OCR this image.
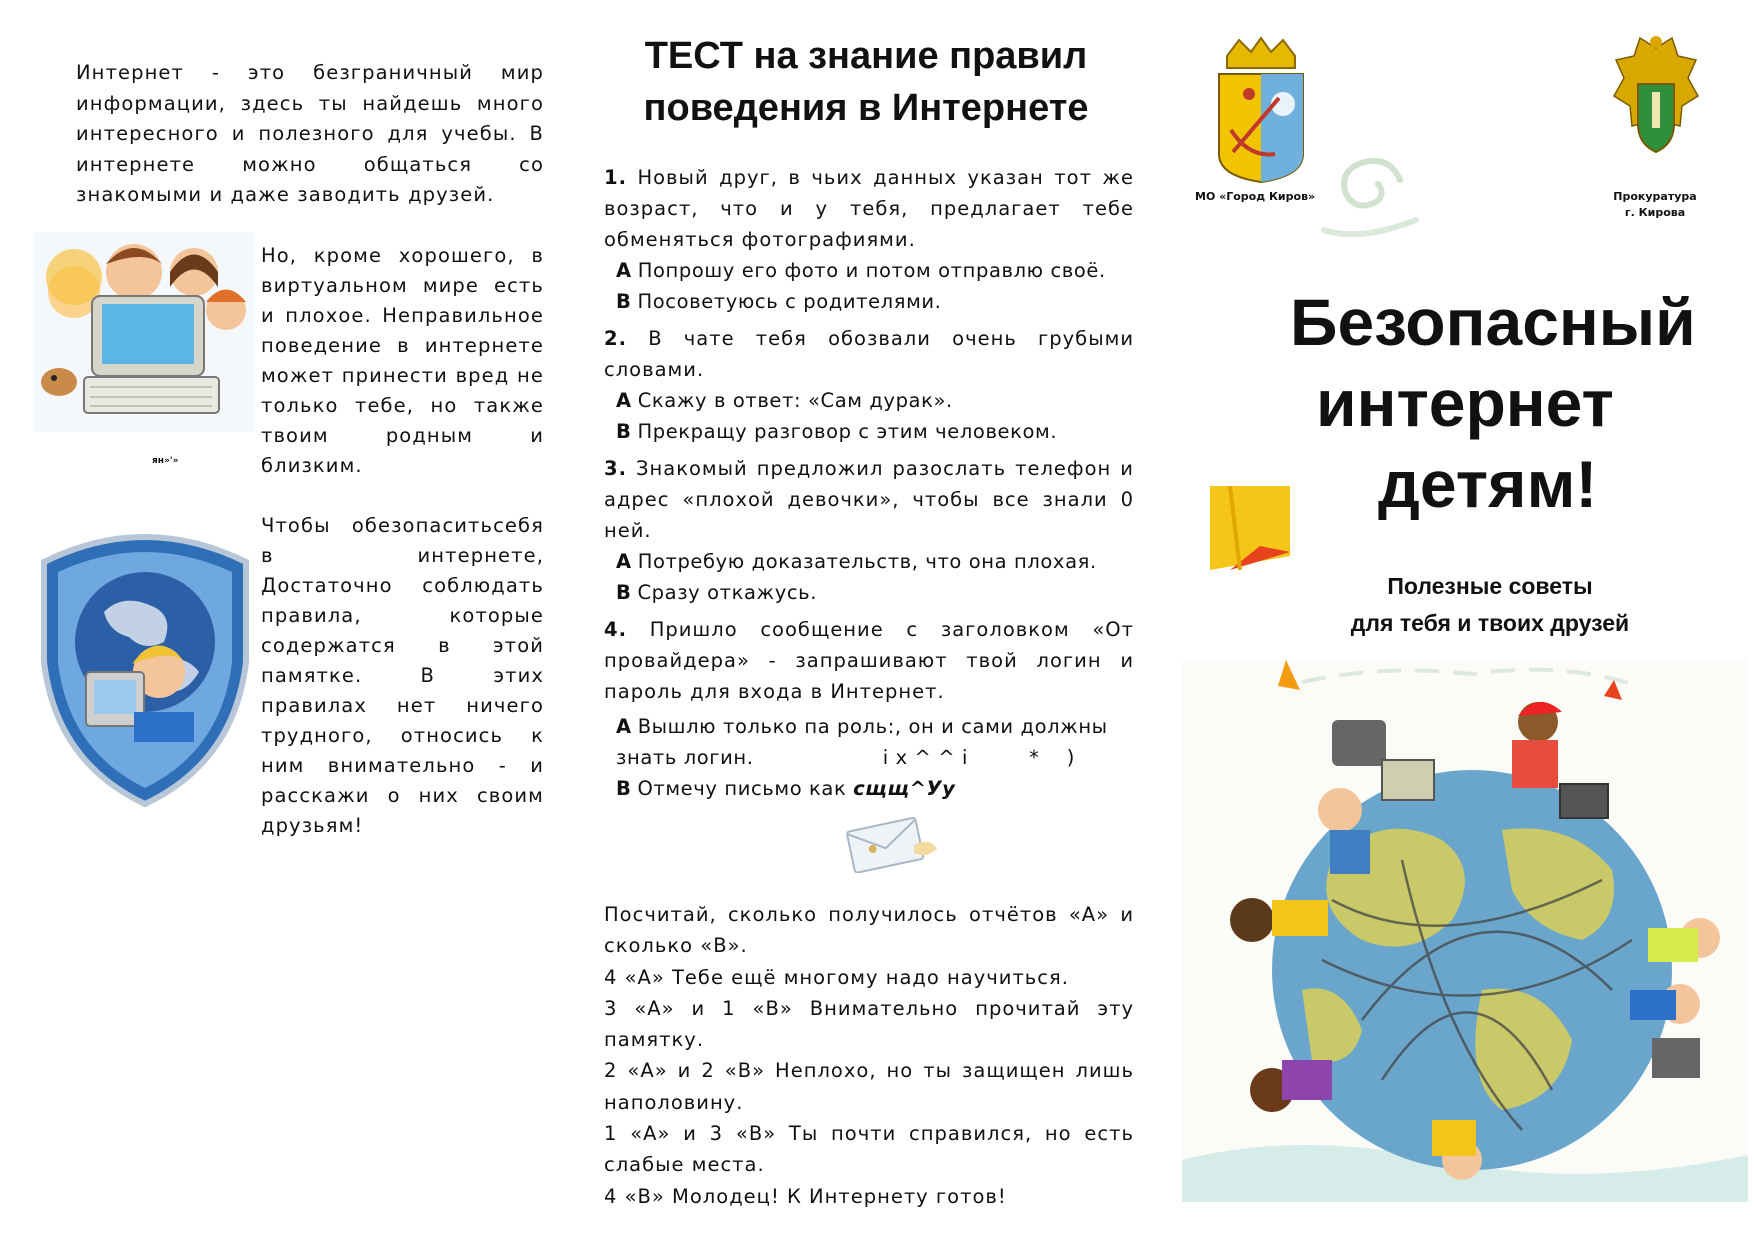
Интернет - это безграничный мир информации, здесь ты найдешь много интересного и полезного для учебы. В интернете можно общаться со знакомыми и даже заводить друзей.

ян»'»

Но, кроме хорошего, в виртуальном мире есть и плохое. Неправильное поведение в интернете может принести вред не только тебе, но также твоим родным и близким.

Чтобы обезопаситьсебя в интернете, Достаточно соблюдать правила, которые содержатся в этой памятке. В этих правилах нет ничего трудного, относись к ним внимательно - и расскажи о них своим друзьям!

ТЕСТ на знание правил
поведения в Интернете

1. Новый друг, в чьих данных указан тот же возраст, что и у тебя, предлагает тебе обменяться фотографиями.

А Попрошу его фото и потом отправлю своё.

В Посоветуюсь с родителями.

2. В чате тебя обозвали очень грубыми словами.

А Скажу в ответ: «Сам дурак».

В Прекращу разговор с этим человеком.

3. Знакомый предложил разослать телефон и адрес «плохой девочки», чтобы все знали 0 ней.

А Потребую доказательств, что она плохая.

В Сразу откажусь.

4. Пришло сообщение с заголовком «От провайдера» - запрашивают твой логин и пароль для входа в Интернет.

А Вышлю только па роль:, он и сами должны знать логин.                   i x ^ ^ i         *    )

В Отмечу письмо как сщщ^Уу

Посчитай, сколько получилось отчётов «А» и сколько «В».

4 «А» Тебе ещё многому надо научиться.

3 «А» и 1 «В» Внимательно прочитай эту памятку.

2 «А» и 2 «В» Неплохо, но ты защищен лишь наполовину.

1 «А» и 3 «В» Ты почти справился, но есть слабые места.

4 «В» Молодец! К Интернету готов!

МО «Город Киров»	Прокуратура
г. Кирова
Безопасный
интернет
детям!
Полезные советы
для тебя и твоих друзей
